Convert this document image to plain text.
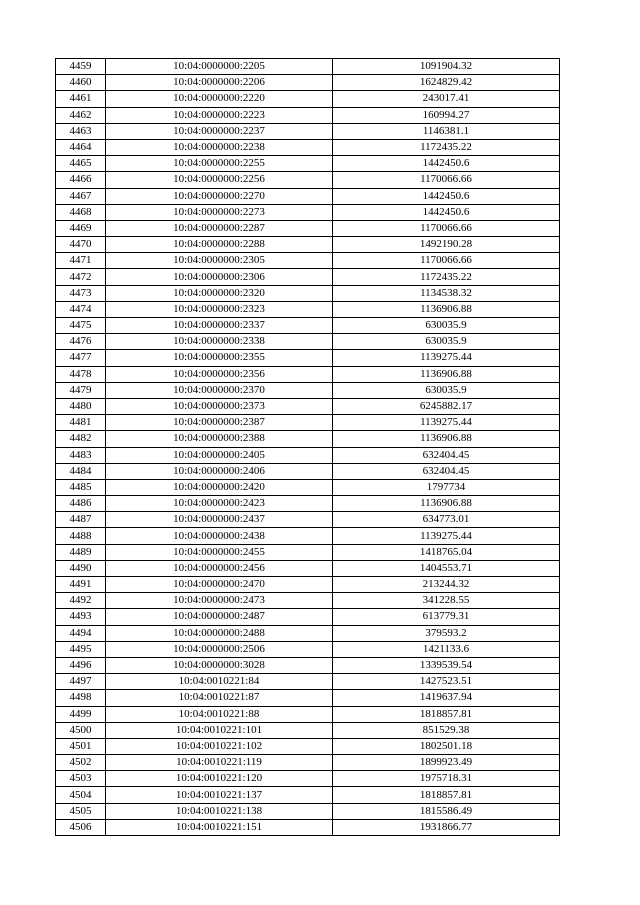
4459	10:04:0000000:2205	1091904.32
4460	10:04:0000000:2206	1624829.42
4461	10:04:0000000:2220	243017.41
4462	10:04:0000000:2223	160994.27
4463	10:04:0000000:2237	1146381.1
4464	10:04:0000000:2238	1172435.22
4465	10:04:0000000:2255	1442450.6
4466	10:04:0000000:2256	1170066.66
4467	10:04:0000000:2270	1442450.6
4468	10:04:0000000:2273	1442450.6
4469	10:04:0000000:2287	1170066.66
4470	10:04:0000000:2288	1492190.28
4471	10:04:0000000:2305	1170066.66
4472	10:04:0000000:2306	1172435.22
4473	10:04:0000000:2320	1134538.32
4474	10:04:0000000:2323	1136906.88
4475	10:04:0000000:2337	630035.9
4476	10:04:0000000:2338	630035.9
4477	10:04:0000000:2355	1139275.44
4478	10:04:0000000:2356	1136906.88
4479	10:04:0000000:2370	630035.9
4480	10:04:0000000:2373	6245882.17
4481	10:04:0000000:2387	1139275.44
4482	10:04:0000000:2388	1136906.88
4483	10:04:0000000:2405	632404.45
4484	10:04:0000000:2406	632404.45
4485	10:04:0000000:2420	1797734
4486	10:04:0000000:2423	1136906.88
4487	10:04:0000000:2437	634773.01
4488	10:04:0000000:2438	1139275.44
4489	10:04:0000000:2455	1418765.04
4490	10:04:0000000:2456	1404553.71
4491	10:04:0000000:2470	213244.32
4492	10:04:0000000:2473	341228.55
4493	10:04:0000000:2487	613779.31
4494	10:04:0000000:2488	379593.2
4495	10:04:0000000:2506	1421133.6
4496	10:04:0000000:3028	1339539.54
4497	10:04:0010221:84	1427523.51
4498	10:04:0010221:87	1419637.94
4499	10:04:0010221:88	1818857.81
4500	10:04:0010221:101	851529.38
4501	10:04:0010221:102	1802501.18
4502	10:04:0010221:119	1899923.49
4503	10:04:0010221:120	1975718.31
4504	10:04:0010221:137	1818857.81
4505	10:04:0010221:138	1815586.49
4506	10:04:0010221:151	1931866.77
